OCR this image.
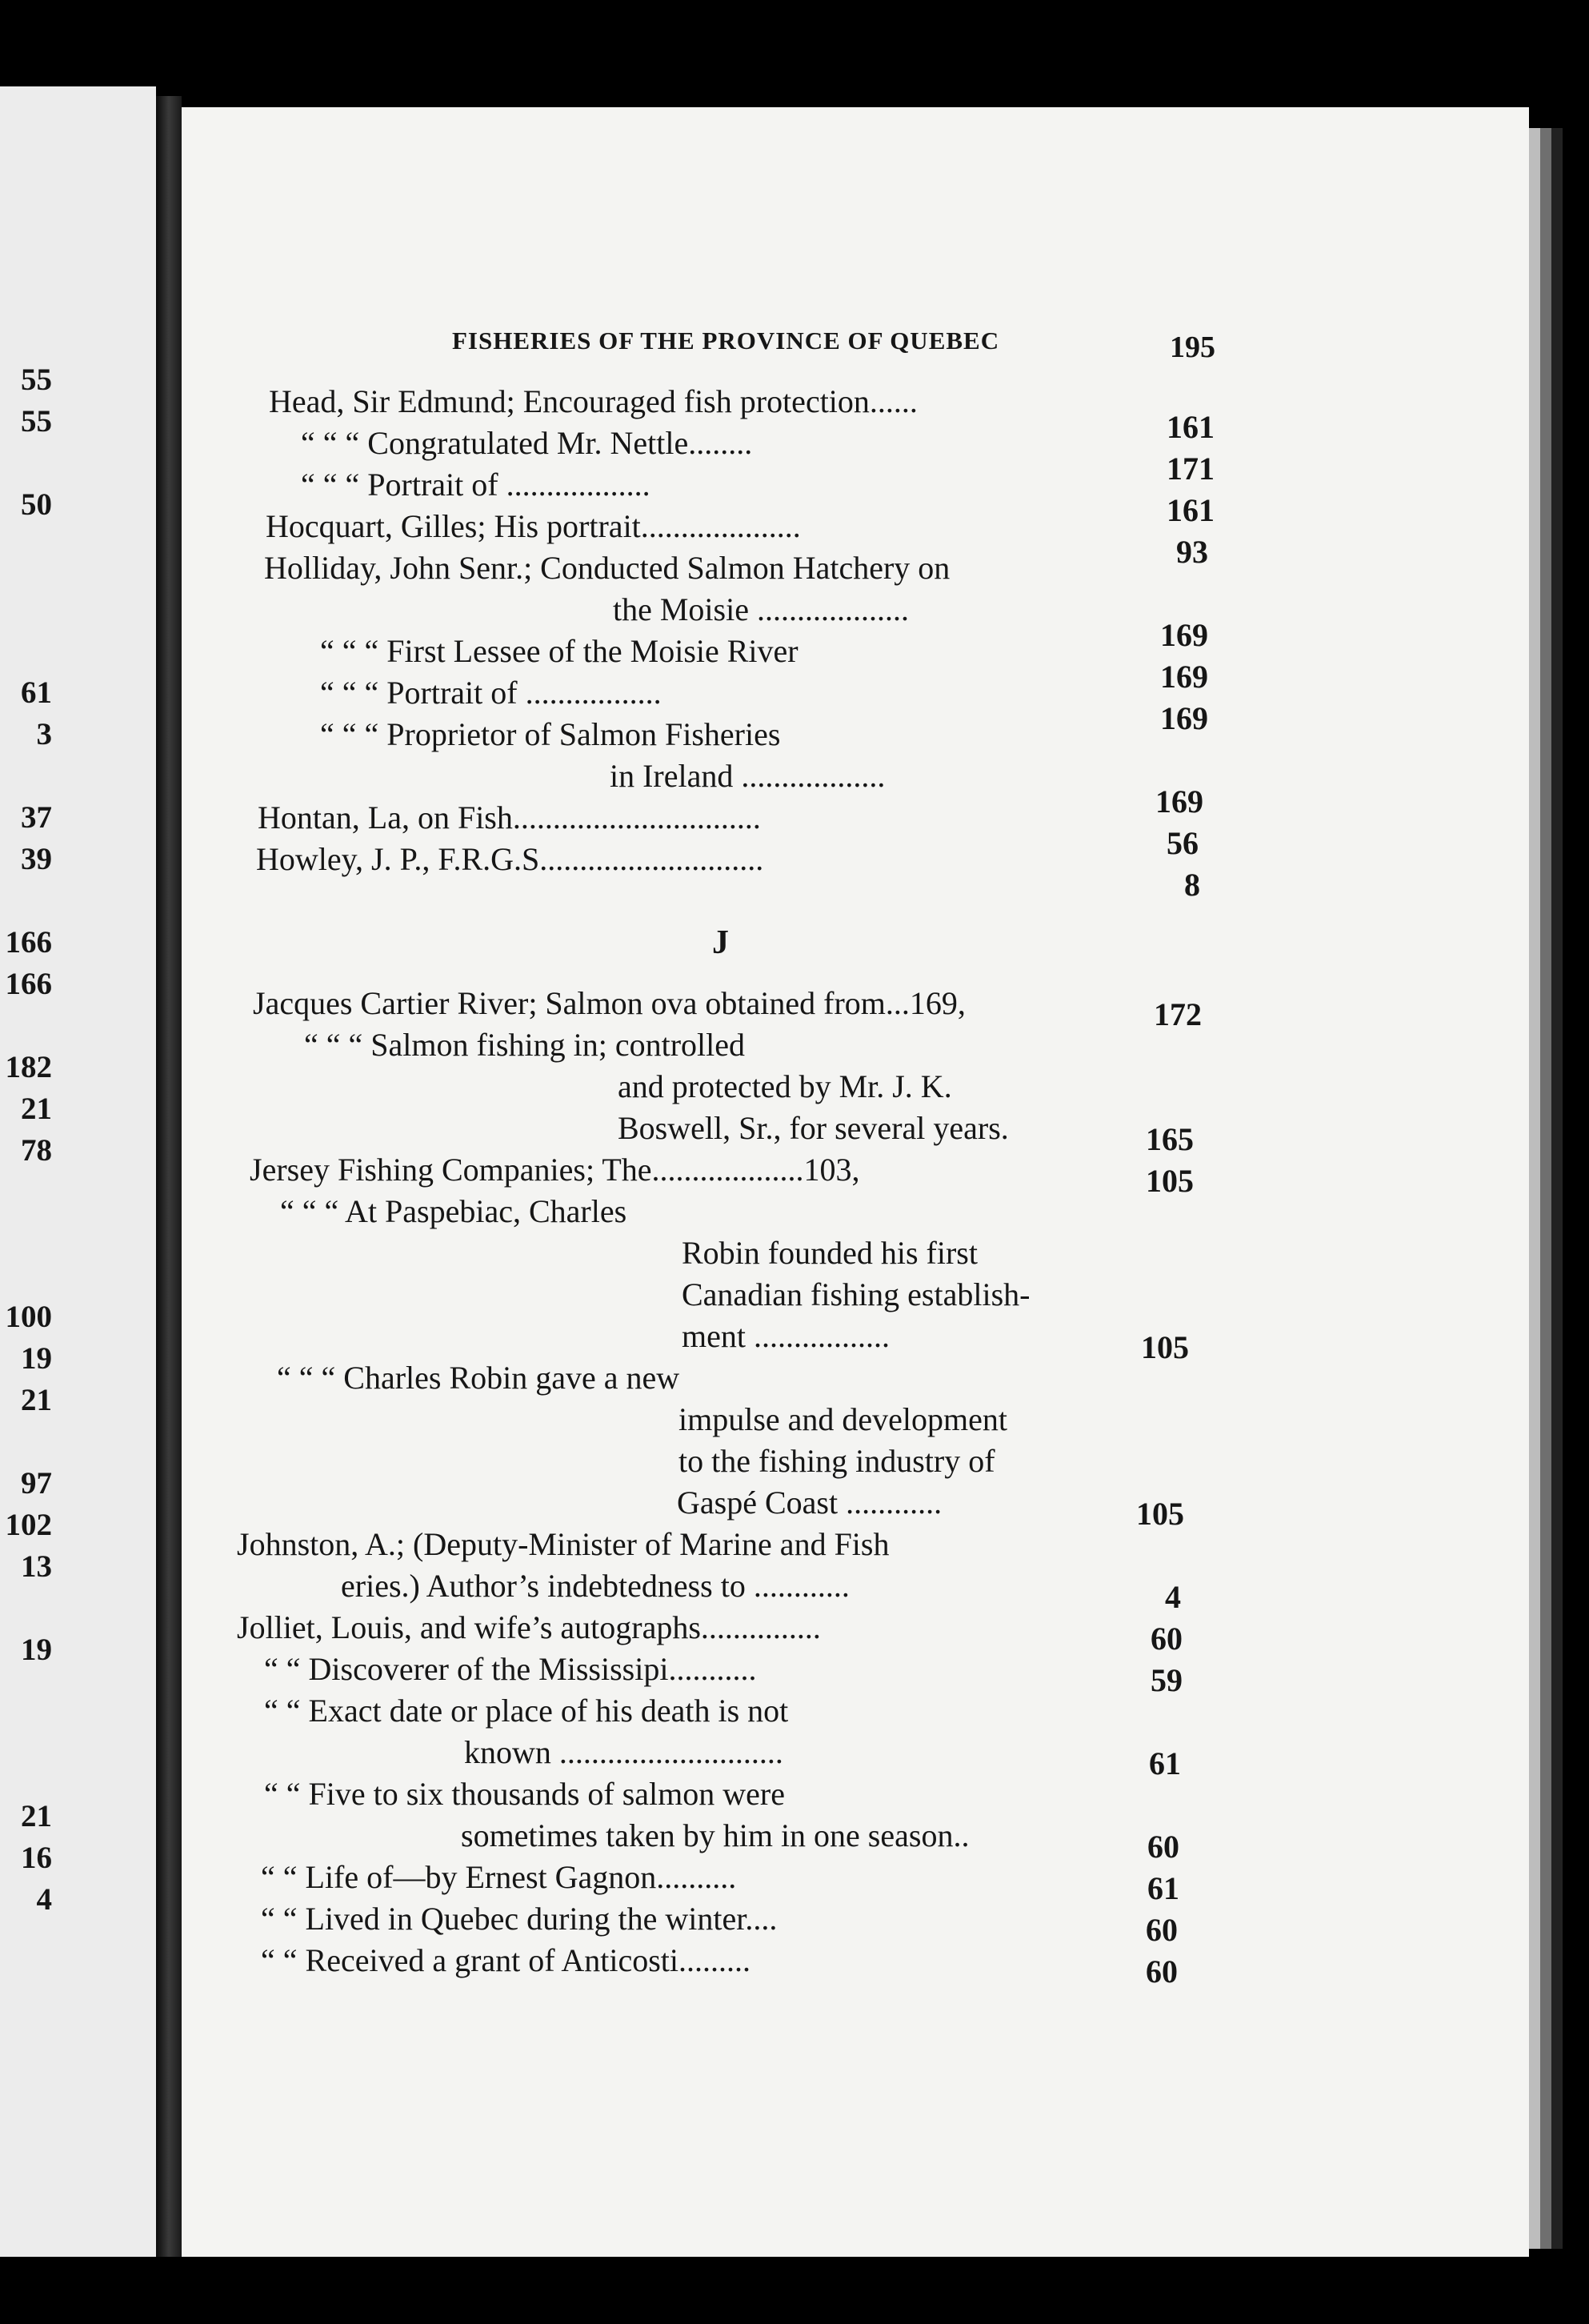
55
55
50
61
3
37
39
166
166
182
21
78
100
19
21
97
102
13
19
21
16
4
FISHERIES OF THE PROVINCE OF QUEBEC	195
Head, Sir Edmund; Encouraged fish protection......
“ “ “ Congratulated Mr. Nettle........
“ “ “ Portrait of ..................
Hocquart, Gilles; His portrait....................
Holliday, John Senr.; Conducted Salmon Hatchery on
the Moisie ...................
“ “ “ First Lessee of the Moisie River
“ “ “ Portrait of .................
“ “ “ Proprietor of Salmon Fisheries
in Ireland ..................
Hontan, La, on Fish...............................
Howley, J. P., F.R.G.S............................
Jacques Cartier River; Salmon ova obtained from...169,
“ “ “ Salmon fishing in; controlled
and protected by Mr. J. K.
Boswell, Sr., for several years.
Jersey Fishing Companies; The...................103,
“ “ “ At Paspebiac, Charles
Robin founded his first
Canadian fishing establish-
ment .................
“ “ “ Charles Robin gave a new
impulse and development
to the fishing industry of
Gaspé Coast ............
Johnston, A.; (Deputy-Minister of Marine and Fish
eries.) Author’s indebtedness to ............
Jolliet, Louis, and wife’s autographs...............
“ “ Discoverer of the Mississipi...........
“ “ Exact date or place of his death is not
known ............................
“ “ Five to six thousands of salmon were
sometimes taken by him in one season..
“ “ Life of—by Ernest Gagnon..........
“ “ Lived in Quebec during the winter....
“ “ Received a grant of Anticosti.........
J
161
171
161
93
169
169
169
169
56
8
172
165
105
105
105
4
60
59
61
60
61
60
60
